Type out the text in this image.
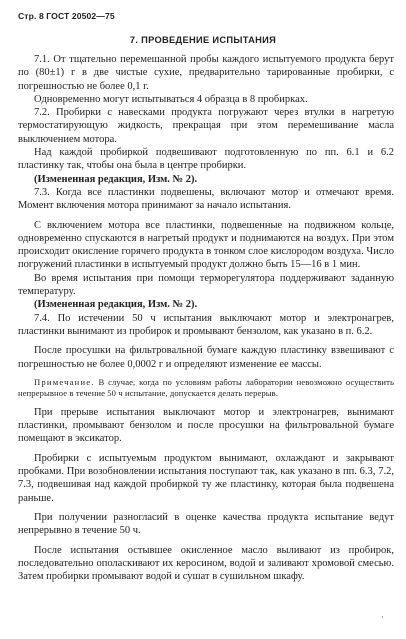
Стр. 8 ГОСТ 20502—75
7. ПРОВЕДЕНИЕ ИСПЫТАНИЯ

7.1. От тщательно перемешанной пробы каждого испытуемого продукта берут по (80±1) г в две чистые сухие, предварительно тарированные пробирки, с погрешностью не более 0,1 г.

Одновременно могут испытываться 4 образца в 8 пробирках.

7.2. Пробирки с навесками продукта погружают через втулки в нагретую термостатирующую жидкость, прекращая при этом перемешивание масла выключением мотора.

Над каждой пробиркой подвешивают подготовленную по пп. 6.1 и 6.2 пластинку так, чтобы она была в центре пробирки.

(Измененная редакция, Изм. № 2).

7.3. Когда все пластинки подвешены, включают мотор и отмечают время. Момент включения мотора принимают за начало испытания.

С включением мотора все пластинки, подвешенные на подвижном кольце, одновременно спускаются в нагретый продукт и поднимаются на воздух. При этом происходит окисление горячего продукта в тонком слое кислородом воздуха. Число погружений пластинки в испытуемый продукт должно быть 15—16 в 1 мин.

Во время испытания при помощи терморегулятора поддерживают заданную температуру.

(Измененная редакция, Изм. № 2).

7.4. По истечении 50 ч испытания выключают мотор и электронагрев, пластинки вынимают из пробирок и промывают бензолом, как указано в п. 6.2.

После просушки на фильтровальной бумаге каждую пластинку взвешивают с погрешностью не более 0,0002 г и определяют изменение ее массы.

Примечание. В случае, когда по условиям работы лаборатории невозможно осуществить непрерывное в течение 50 ч испытание, допускается делать перерыв.

При прерыве испытания выключают мотор и электронагрев, вынимают пластинки, промывают бензолом и после просушки на фильтровальной бумаге помещают в эксикатор.

Пробирки с испытуемым продуктом вынимают, охлаждают и закрывают пробками. При возобновлении испытания поступают так, как указано в пп. 6.3, 7.2, 7.3, подвешивая над каждой пробиркой ту же пластинку, которая была подвешена раньше.

При получении разногласий в оценке качества продукта испытание ведут непрерывно в течение 50 ч.

После испытания остывшее окисленное масло выливают из пробирок, последовательно ополаскивают их керосином, водой и заливают хромовой смесью. Затем пробирки промывают водой и сушат в сушильном шкафу.

·
